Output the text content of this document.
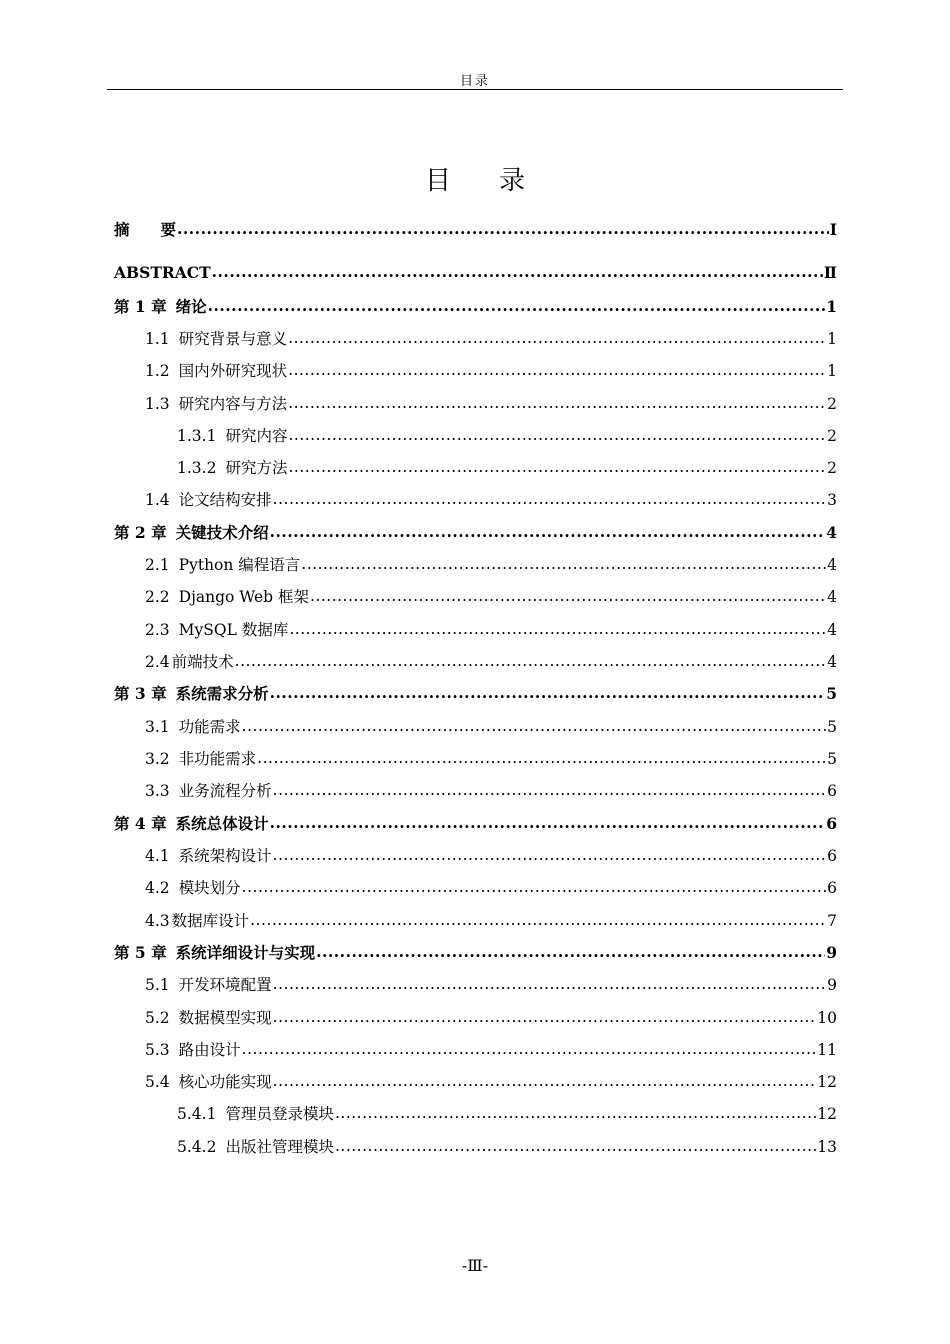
目录
目 录
摘　　要 .....	Ⅰ
ABSTRACT .....	Ⅱ
第 1 章 绪论 .....	1
1.1 研究背景与意义 .....	1
1.2 国内外研究现状 .....	1
1.3 研究内容与方法 .....	2
1.3.1 研究内容 .....	2
1.3.2 研究方法 .....	2
1.4 论文结构安排 .....	3
第 2 章 关键技术介绍 .....	4
2.1 Python 编程语言 .....	4
2.2 Django Web 框架 .....	4
2.3 MySQL 数据库 .....	4
2.4 前端技术 .....	4
第 3 章 系统需求分析 .....	5
3.1 功能需求 .....	5
3.2 非功能需求 .....	5
3.3 业务流程分析 .....	6
第 4 章 系统总体设计 .....	6
4.1 系统架构设计 .....	6
4.2 模块划分 .....	6
4.3 数据库设计 .....	7
第 5 章 系统详细设计与实现 .....	9
5.1 开发环境配置 .....	9
5.2 数据模型实现 .....	10
5.3 路由设计 .....	11
5.4 核心功能实现 .....	12
5.4.1 管理员登录模块 .....	12
5.4.2 出版社管理模块 .....	13
-Ⅲ-
